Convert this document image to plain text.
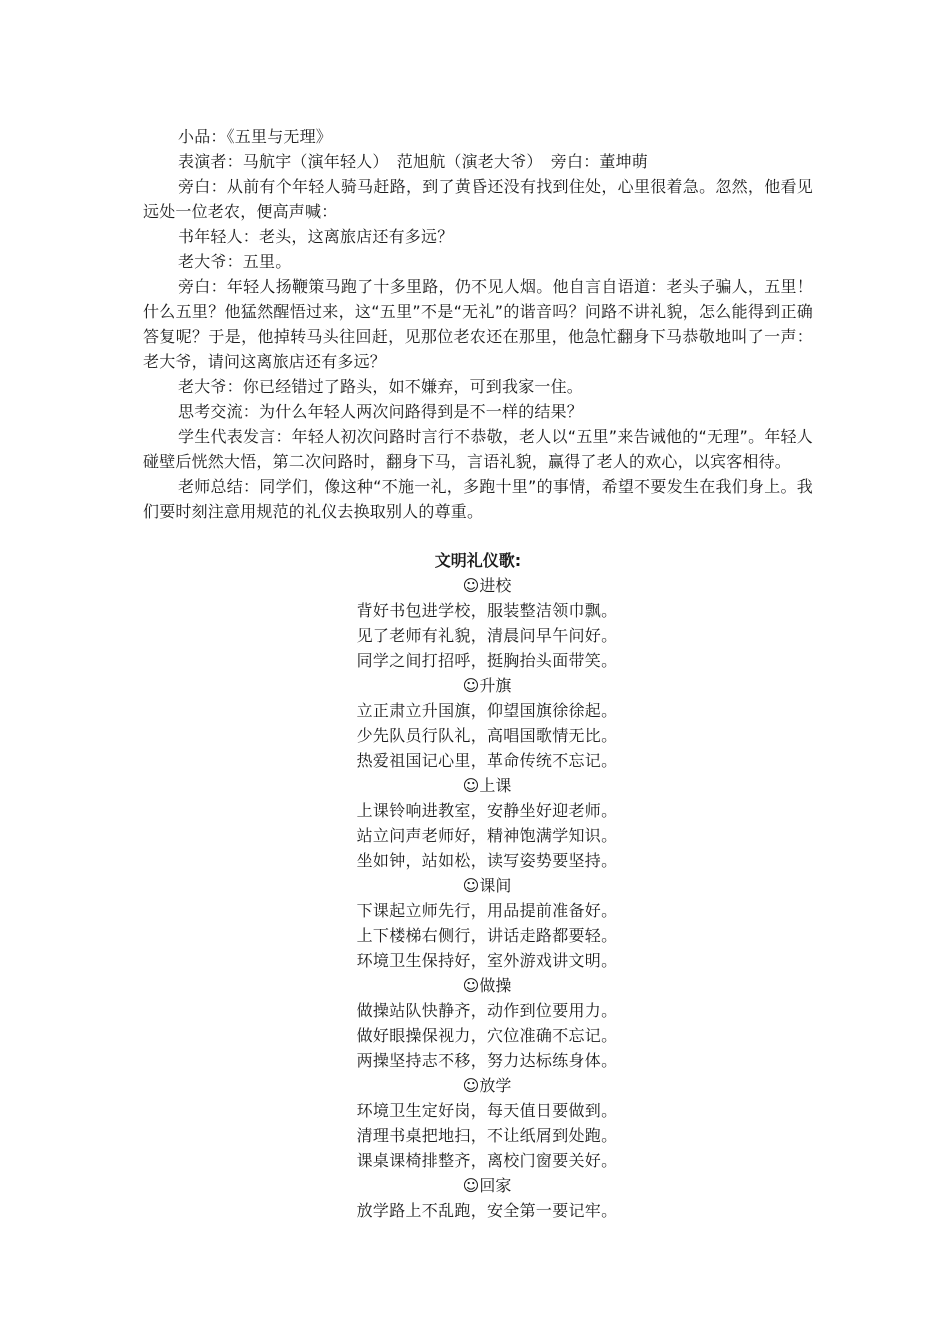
小品：《五里与无理》

表演者：马航宇（演年轻人）　范旭航（演老大爷）　旁白：董坤萌

旁白：从前有个年轻人骑马赶路，到了黄昏还没有找到住处，心里很着急。忽然，他看见远处一位老农，便高声喊：

书年轻人：老头，这离旅店还有多远？

老大爷：五里。

旁白：年轻人扬鞭策马跑了十多里路，仍不见人烟。他自言自语道：老头子骗人，五里！什么五里？他猛然醒悟过来，这“五里”不是“无礼”的谐音吗？问路不讲礼貌，怎么能得到正确答复呢？于是，他掉转马头往回赶，见那位老农还在那里，他急忙翻身下马恭敬地叫了一声：老大爷，请问这离旅店还有多远？

老大爷：你已经错过了路头，如不嫌弃，可到我家一住。

思考交流：为什么年轻人两次问路得到是不一样的结果？

学生代表发言：年轻人初次问路时言行不恭敬，老人以“五里”来告诫他的“无理”。年轻人碰壁后恍然大悟，第二次问路时，翻身下马，言语礼貌，赢得了老人的欢心，以宾客相待。

老师总结：同学们，像这种“不施一礼，多跑十里”的事情，希望不要发生在我们身上。我们要时刻注意用规范的礼仪去换取别人的尊重。

文明礼仪歌:

☺进校

背好书包进学校，服装整洁领巾飘。

见了老师有礼貌，清晨问早午问好。

同学之间打招呼，挺胸抬头面带笑。

☺升旗

立正肃立升国旗，仰望国旗徐徐起。

少先队员行队礼，高唱国歌情无比。

热爱祖国记心里，革命传统不忘记。

☺上课

上课铃响进教室，安静坐好迎老师。

站立问声老师好，精神饱满学知识。

坐如钟，站如松，读写姿势要坚持。

☺课间

下课起立师先行，用品提前准备好。

上下楼梯右侧行，讲话走路都要轻。

环境卫生保持好，室外游戏讲文明。

☺做操

做操站队快静齐，动作到位要用力。

做好眼操保视力，穴位准确不忘记。

两操坚持志不移，努力达标练身体。

☺放学

环境卫生定好岗，每天值日要做到。

清理书桌把地扫，不让纸屑到处跑。

课桌课椅排整齐，离校门窗要关好。

☺回家

放学路上不乱跑，安全第一要记牢。
